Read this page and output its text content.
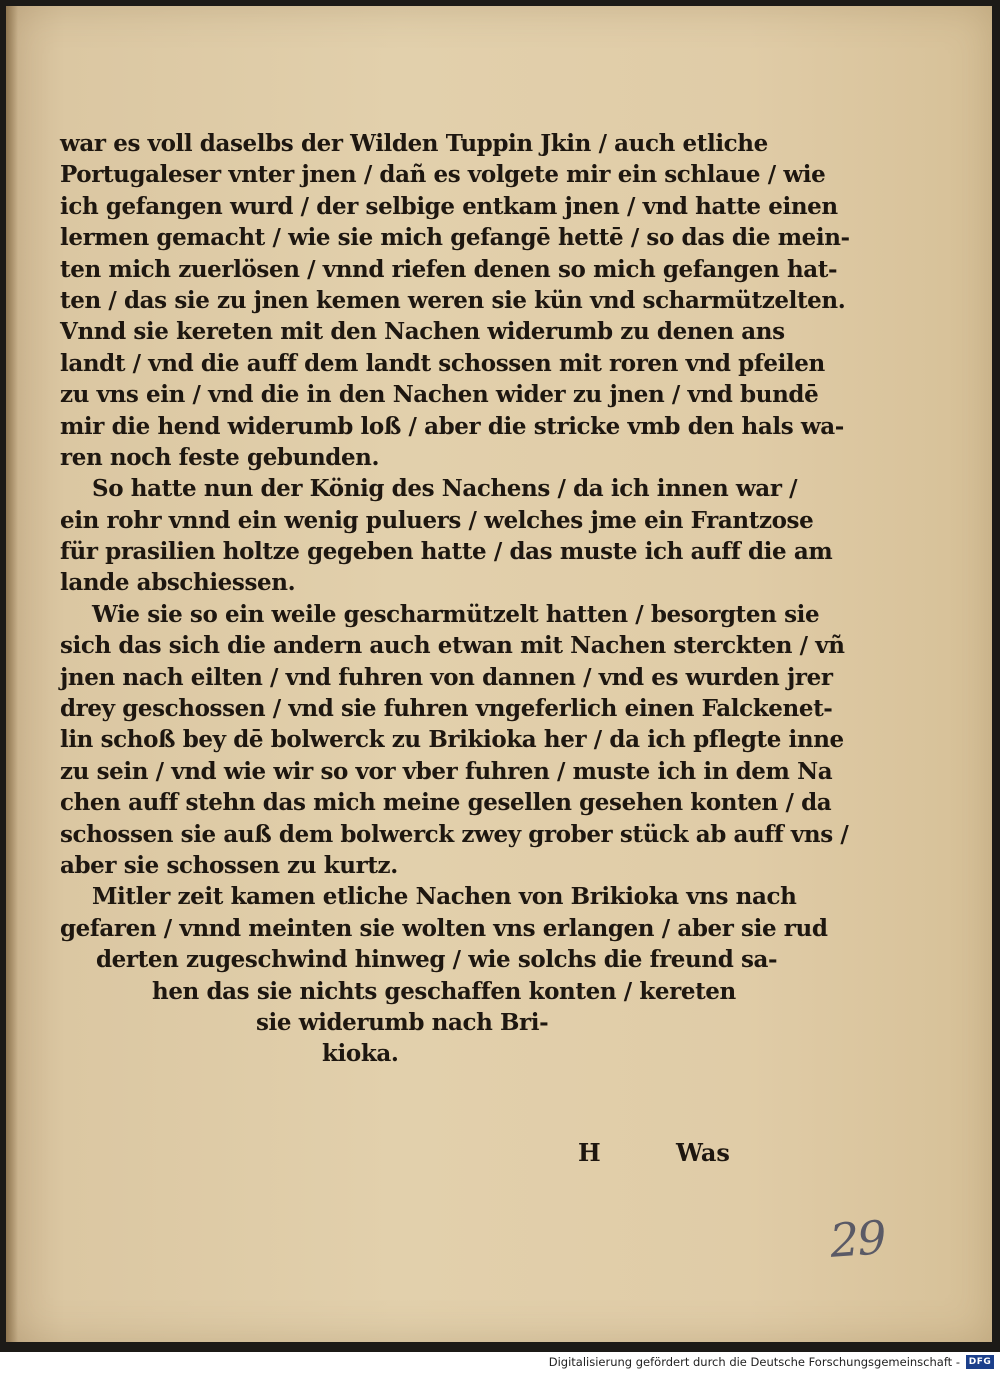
war es voll daselbs der Wilden Tuppin Jkin / auch etliche
Portugaleser vnter jnen / dañ es volgete mir ein schlaue / wie
ich gefangen wurd / der selbige entkam jnen / vnd hatte einen
lermen gemacht / wie sie mich gefangē hettē / so das die mein-
ten mich zuerlösen / vnnd riefen denen so mich gefangen hat-
ten / das sie zu jnen kemen weren sie kün vnd scharmützelten.
Vnnd sie kereten mit den Nachen widerumb zu denen ans
landt / vnd die auff dem landt schossen mit roren vnd pfeilen
zu vns ein / vnd die in den Nachen wider zu jnen / vnd bundē
mir die hend widerumb loß / aber die stricke vmb den hals wa-
ren noch feste gebunden.
So hatte nun der König des Nachens / da ich innen war /
ein rohr vnnd ein wenig puluers / welches jme ein Frantzose
für prasilien holtze gegeben hatte / das muste ich auff die am
lande abschiessen.
Wie sie so ein weile gescharmützelt hatten / besorgten sie
sich das sich die andern auch etwan mit Nachen sterckten / vñ
jnen nach eilten / vnd fuhren von dannen / vnd es wurden jrer
drey geschossen / vnd sie fuhren vngeferlich einen Falckenet-
lin schoß bey dē bolwerck zu Brikioka her / da ich pflegte inne
zu sein / vnd wie wir so vor vber fuhren / muste ich in dem Na
chen auff stehn das mich meine gesellen gesehen konten / da
schossen sie auß dem bolwerck zwey grober stück ab auff vns /
aber sie schossen zu kurtz.
Mitler zeit kamen etliche Nachen von Brikioka vns nach
gefaren / vnnd meinten sie wolten vns erlangen / aber sie rud
derten zugeschwind hinweg / wie solchs die freund sa-
hen das sie nichts geschaffen konten / kereten
sie widerumb nach Bri-
kioka.
H	Was
29
Digitalisierung gefördert durch die Deutsche Forschungsgemeinschaft - DFG
